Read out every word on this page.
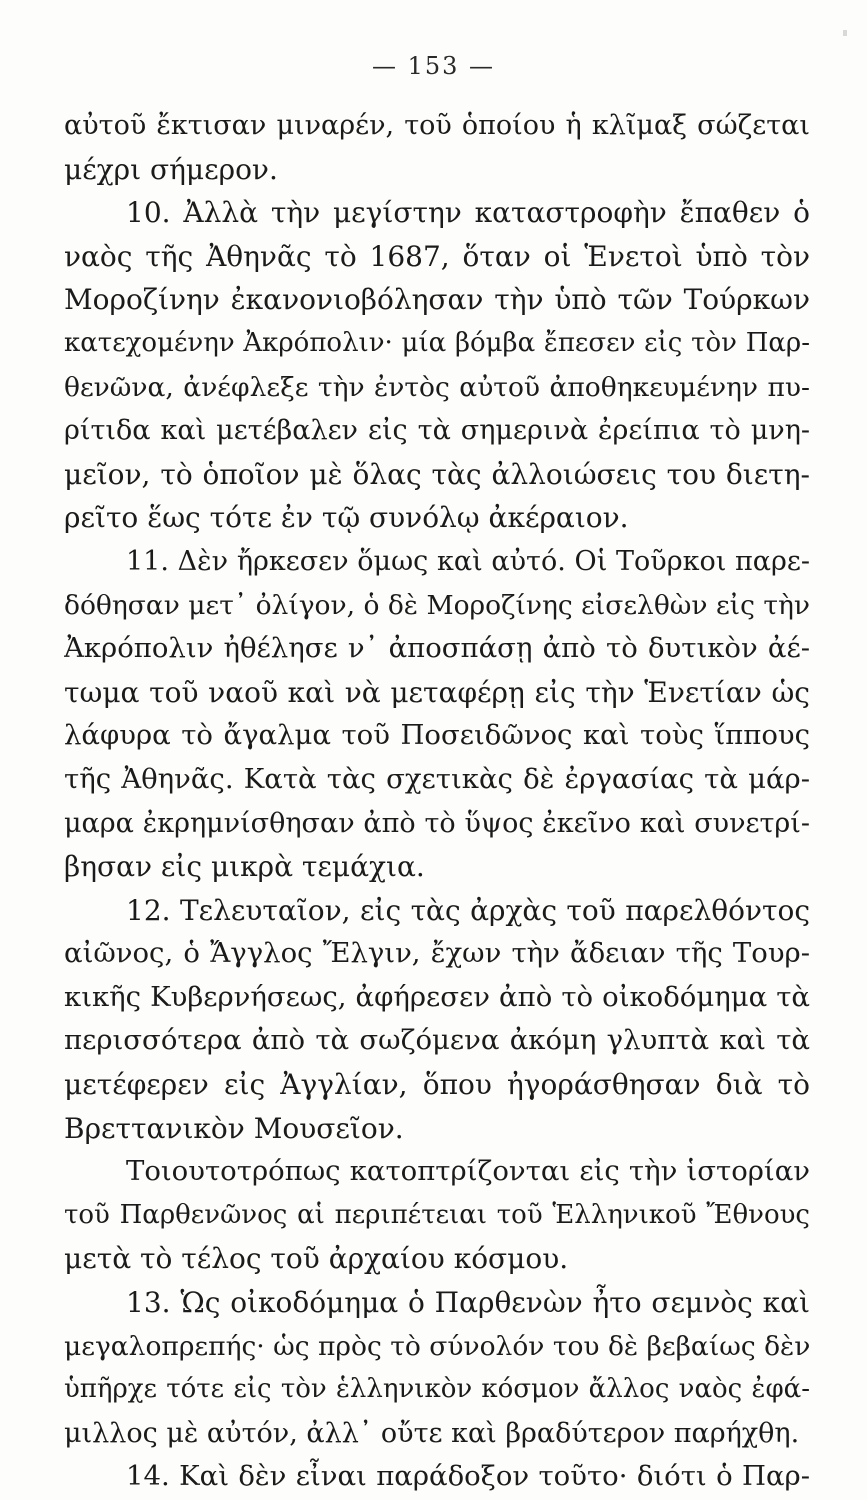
— 153 —
αὐτοῦ ἔκτισαν μιναρέν, τοῦ ὁποίου ἡ κλῖμαξ σώζεται
μέχρι σήμερον.
10. Ἀλλὰ τὴν μεγίστην καταστροφὴν ἔπαθεν ὁ
ναὸς τῆς Ἀθηνᾶς τὸ 1687, ὅταν οἱ Ἑνετοὶ ὑπὸ τὸν
Μοροζίνην ἐκανονιοβόλησαν τὴν ὑπὸ τῶν Τούρκων
κατεχομένην Ἀκρόπολιν· μία βόμβα ἔπεσεν εἰς τὸν Παρ-
θενῶνα, ἀνέφλεξε τὴν ἐντὸς αὐτοῦ ἀποθηκευμένην πυ-
ρίτιδα καὶ μετέβαλεν εἰς τὰ σημερινὰ ἐρείπια τὸ μνη-
μεῖον, τὸ ὁποῖον μὲ ὅλας τὰς ἀλλοιώσεις του διετη-
ρεῖτο ἕως τότε ἐν τῷ συνόλῳ ἀκέραιον.
11. Δὲν ἤρκεσεν ὅμως καὶ αὐτό. Οἱ Τοῦρκοι παρε-
δόθησαν μετ᾽ ὀλίγον, ὁ δὲ Μοροζίνης εἰσελθὼν εἰς τὴν
Ἀκρόπολιν ἠθέλησε ν᾽ ἀποσπάσῃ ἀπὸ τὸ δυτικὸν ἀέ-
τωμα τοῦ ναοῦ καὶ νὰ μεταφέρῃ εἰς τὴν Ἑνετίαν ὡς
λάφυρα τὸ ἄγαλμα τοῦ Ποσειδῶνος καὶ τοὺς ἵππους
τῆς Ἀθηνᾶς. Κατὰ τὰς σχετικὰς δὲ ἐργασίας τὰ μάρ-
μαρα ἐκρημνίσθησαν ἀπὸ τὸ ὕψος ἐκεῖνο καὶ συνετρί-
βησαν εἰς μικρὰ τεμάχια.
12. Τελευταῖον, εἰς τὰς ἀρχὰς τοῦ παρελθόντος
αἰῶνος, ὁ Ἄγγλος Ἔλγιν, ἔχων τὴν ἄδειαν τῆς Τουρ-
κικῆς Κυβερνήσεως, ἀφήρεσεν ἀπὸ τὸ οἰκοδόμημα τὰ
περισσότερα ἀπὸ τὰ σωζόμενα ἀκόμη γλυπτὰ καὶ τὰ
μετέφερεν εἰς Ἀγγλίαν, ὅπου ἠγοράσθησαν διὰ τὸ
Βρεττανικὸν Μουσεῖον.
Τοιουτοτρόπως κατοπτρίζονται εἰς τὴν ἱστορίαν
τοῦ Παρθενῶνος αἱ περιπέτειαι τοῦ Ἑλληνικοῦ Ἔθνους
μετὰ τὸ τέλος τοῦ ἀρχαίου κόσμου.
13. Ὡς οἰκοδόμημα ὁ Παρθενὼν ἦτο σεμνὸς καὶ
μεγαλοπρεπής· ὡς πρὸς τὸ σύνολόν του δὲ βεβαίως δὲν
ὑπῆρχε τότε εἰς τὸν ἑλληνικὸν κόσμον ἄλλος ναὸς ἐφά-
μιλλος μὲ αὐτόν, ἀλλ᾽ οὔτε καὶ βραδύτερον παρήχθη.
14. Καὶ δὲν εἶναι παράδοξον τοῦτο· διότι ὁ Παρ-
